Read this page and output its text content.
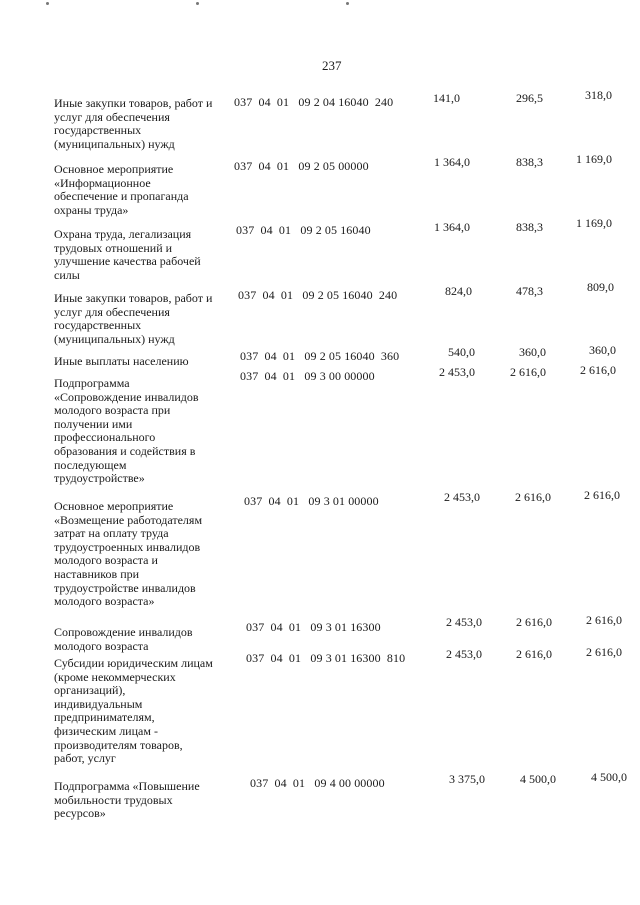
237
Иные закупки товаров, работ и
услуг для обеспечения
государственных
(муниципальных) нужд
037  04  01   09 2 04 16040  240	141,0	296,5	318,0
Основное мероприятие
«Информационное
обеспечение и пропаганда
охраны труда»
037  04  01   09 2 05 00000	1 364,0	838,3	1 169,0
Охрана труда, легализация
трудовых отношений и
улучшение качества рабочей
силы
037  04  01   09 2 05 16040	1 364,0	838,3	1 169,0
Иные закупки товаров, работ и
услуг для обеспечения
государственных
(муниципальных) нужд
037  04  01   09 2 05 16040  240	824,0	478,3	809,0
Иные выплаты населению	037  04  01   09 2 05 16040  360	540,0	360,0	360,0
Подпрограмма
«Сопровождение инвалидов
молодого возраста при
получении ими
профессионального
образования и содействия в
последующем
трудоустройстве»
037  04  01   09 3 00 00000	2 453,0	2 616,0	2 616,0
Основное мероприятие
«Возмещение работодателям
затрат на оплату труда
трудоустроенных инвалидов
молодого возраста и
наставников при
трудоустройстве инвалидов
молодого возраста»
037  04  01   09 3 01 00000	2 453,0	2 616,0	2 616,0
Сопровождение инвалидов
молодого возраста
037  04  01   09 3 01 16300	2 453,0	2 616,0	2 616,0
Субсидии юридическим лицам
(кроме некоммерческих
организаций),
индивидуальным
предпринимателям,
физическим лицам -
производителям товаров,
работ, услуг
037  04  01   09 3 01 16300  810	2 453,0	2 616,0	2 616,0
Подпрограмма «Повышение
мобильности трудовых
ресурсов»
037  04  01   09 4 00 00000	3 375,0	4 500,0	4 500,0
